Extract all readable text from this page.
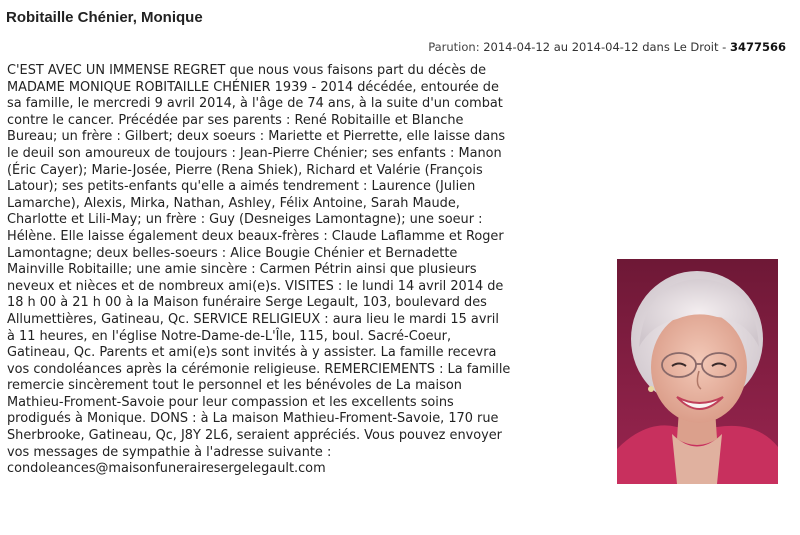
Robitaille Chénier, Monique
Parution: 2014-04-12 au 2014-04-12 dans Le Droit - 3477566
C'EST AVEC UN IMMENSE REGRET que nous vous faisons part du décès de
MADAME MONIQUE ROBITAILLE CHÉNIER 1939 - 2014 décédée, entourée de
sa famille, le mercredi 9 avril 2014, à l'âge de 74 ans, à la suite d'un combat
contre le cancer. Précédée par ses parents : René Robitaille et Blanche
Bureau; un frère : Gilbert; deux soeurs : Mariette et Pierrette, elle laisse dans
le deuil son amoureux de toujours : Jean-Pierre Chénier; ses enfants : Manon
(Éric Cayer); Marie-Josée, Pierre (Rena Shiek), Richard et Valérie (François
Latour); ses petits-enfants qu'elle a aimés tendrement : Laurence (Julien
Lamarche), Alexis, Mirka, Nathan, Ashley, Félix Antoine, Sarah Maude,
Charlotte et Lili-May; un frère : Guy (Desneiges Lamontagne); une soeur :
Hélène. Elle laisse également deux beaux-frères : Claude Laflamme et Roger
Lamontagne; deux belles-soeurs : Alice Bougie Chénier et Bernadette
Mainville Robitaille; une amie sincère : Carmen Pétrin ainsi que plusieurs
neveux et nièces et de nombreux ami(e)s. VISITES : le lundi 14 avril 2014 de
18 h 00 à 21 h 00 à la Maison funéraire Serge Legault, 103, boulevard des
Allumettières, Gatineau, Qc. SERVICE RELIGIEUX : aura lieu le mardi 15 avril
à 11 heures, en l'église Notre-Dame-de-L'Île, 115, boul. Sacré-Coeur,
Gatineau, Qc. Parents et ami(e)s sont invités à y assister. La famille recevra
vos condoléances après la cérémonie religieuse. REMERCIEMENTS : La famille
remercie sincèrement tout le personnel et les bénévoles de La maison
Mathieu-Froment-Savoie pour leur compassion et les excellents soins
prodigués à Monique. DONS : à La maison Mathieu-Froment-Savoie, 170 rue
Sherbrooke, Gatineau, Qc, J8Y 2L6, seraient appréciés. Vous pouvez envoyer
vos messages de sympathie à l'adresse suivante :
condoleances@maisonfunerairesergelegault.com
